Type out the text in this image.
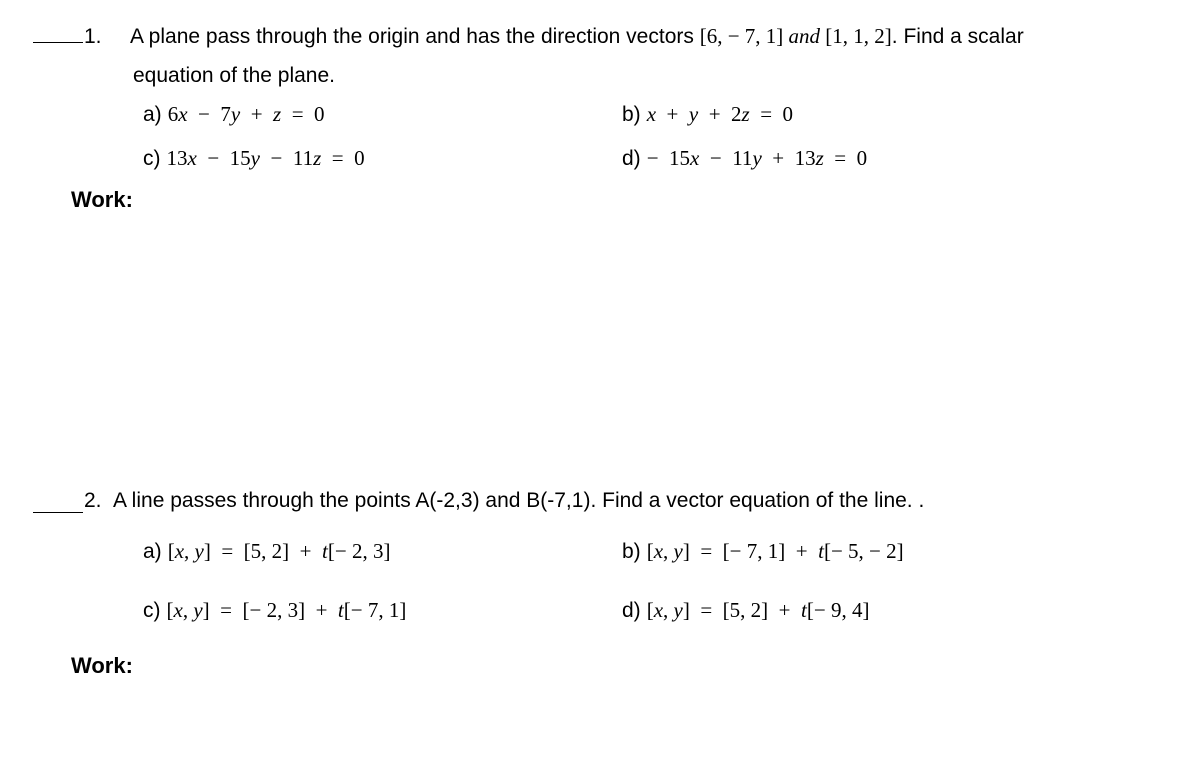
1. A plane pass through the origin and has the direction vectors [6, − 7, 1] and [1, 1, 2]. Find a scalar
equation of the plane.
a) 6x  −  7y  +  z  =  0	b) x  +  y  +  2z  =  0
c) 13x  −  15y  −  11z  =  0	d) −  15x  −  11y  +  13z  =  0
Work:
2. A line passes through the points A(-2,3) and B(-7,1). Find a vector equation of the line. .
a) [x, y]  =  [5, 2]  +  t[− 2, 3]	b) [x, y]  =  [− 7, 1]  +  t[− 5, − 2]
c) [x, y]  =  [− 2, 3]  +  t[− 7, 1]	d) [x, y]  =  [5, 2]  +  t[− 9, 4]
Work:
